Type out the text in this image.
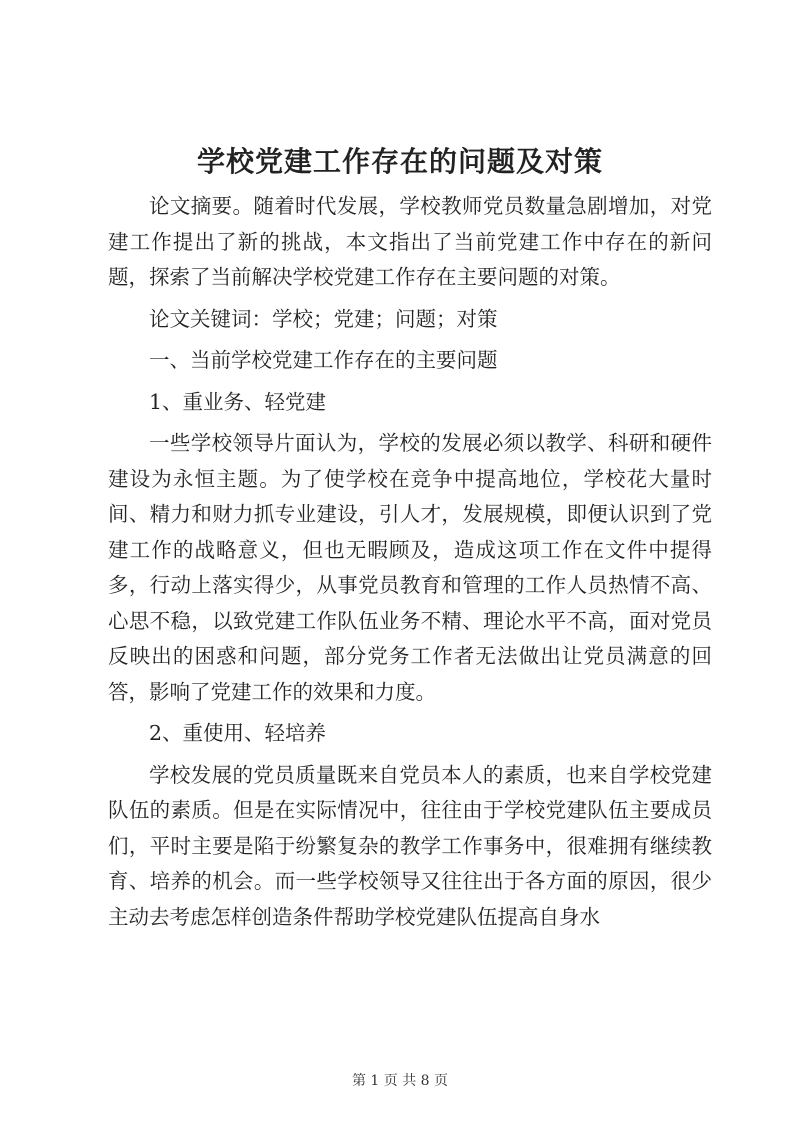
学校党建工作存在的问题及对策

论文摘要。随着时代发展，学校教师党员数量急剧增加，对党建工作提出了新的挑战，本文指出了当前党建工作中存在的新问题，探索了当前解决学校党建工作存在主要问题的对策。

论文关键词：学校；党建；问题；对策

一、当前学校党建工作存在的主要问题

1、重业务、轻党建

一些学校领导片面认为，学校的发展必须以教学、科研和硬件建设为永恒主题。为了使学校在竞争中提高地位，学校花大量时间、精力和财力抓专业建设，引人才，发展规模，即便认识到了党建工作的战略意义，但也无暇顾及，造成这项工作在文件中提得多，行动上落实得少，从事党员教育和管理的工作人员热情不高、心思不稳，以致党建工作队伍业务不精、理论水平不高，面对党员反映出的困惑和问题，部分党务工作者无法做出让党员满意的回答，影响了党建工作的效果和力度。

2、重使用、轻培养

学校发展的党员质量既来自党员本人的素质，也来自学校党建队伍的素质。但是在实际情况中，往往由于学校党建队伍主要成员们，平时主要是陷于纷繁复杂的教学工作事务中，很难拥有继续教育、培养的机会。而一些学校领导又往往出于各方面的原因，很少主动去考虑怎样创造条件帮助学校党建队伍提高自身水

第 1 页 共 8 页
